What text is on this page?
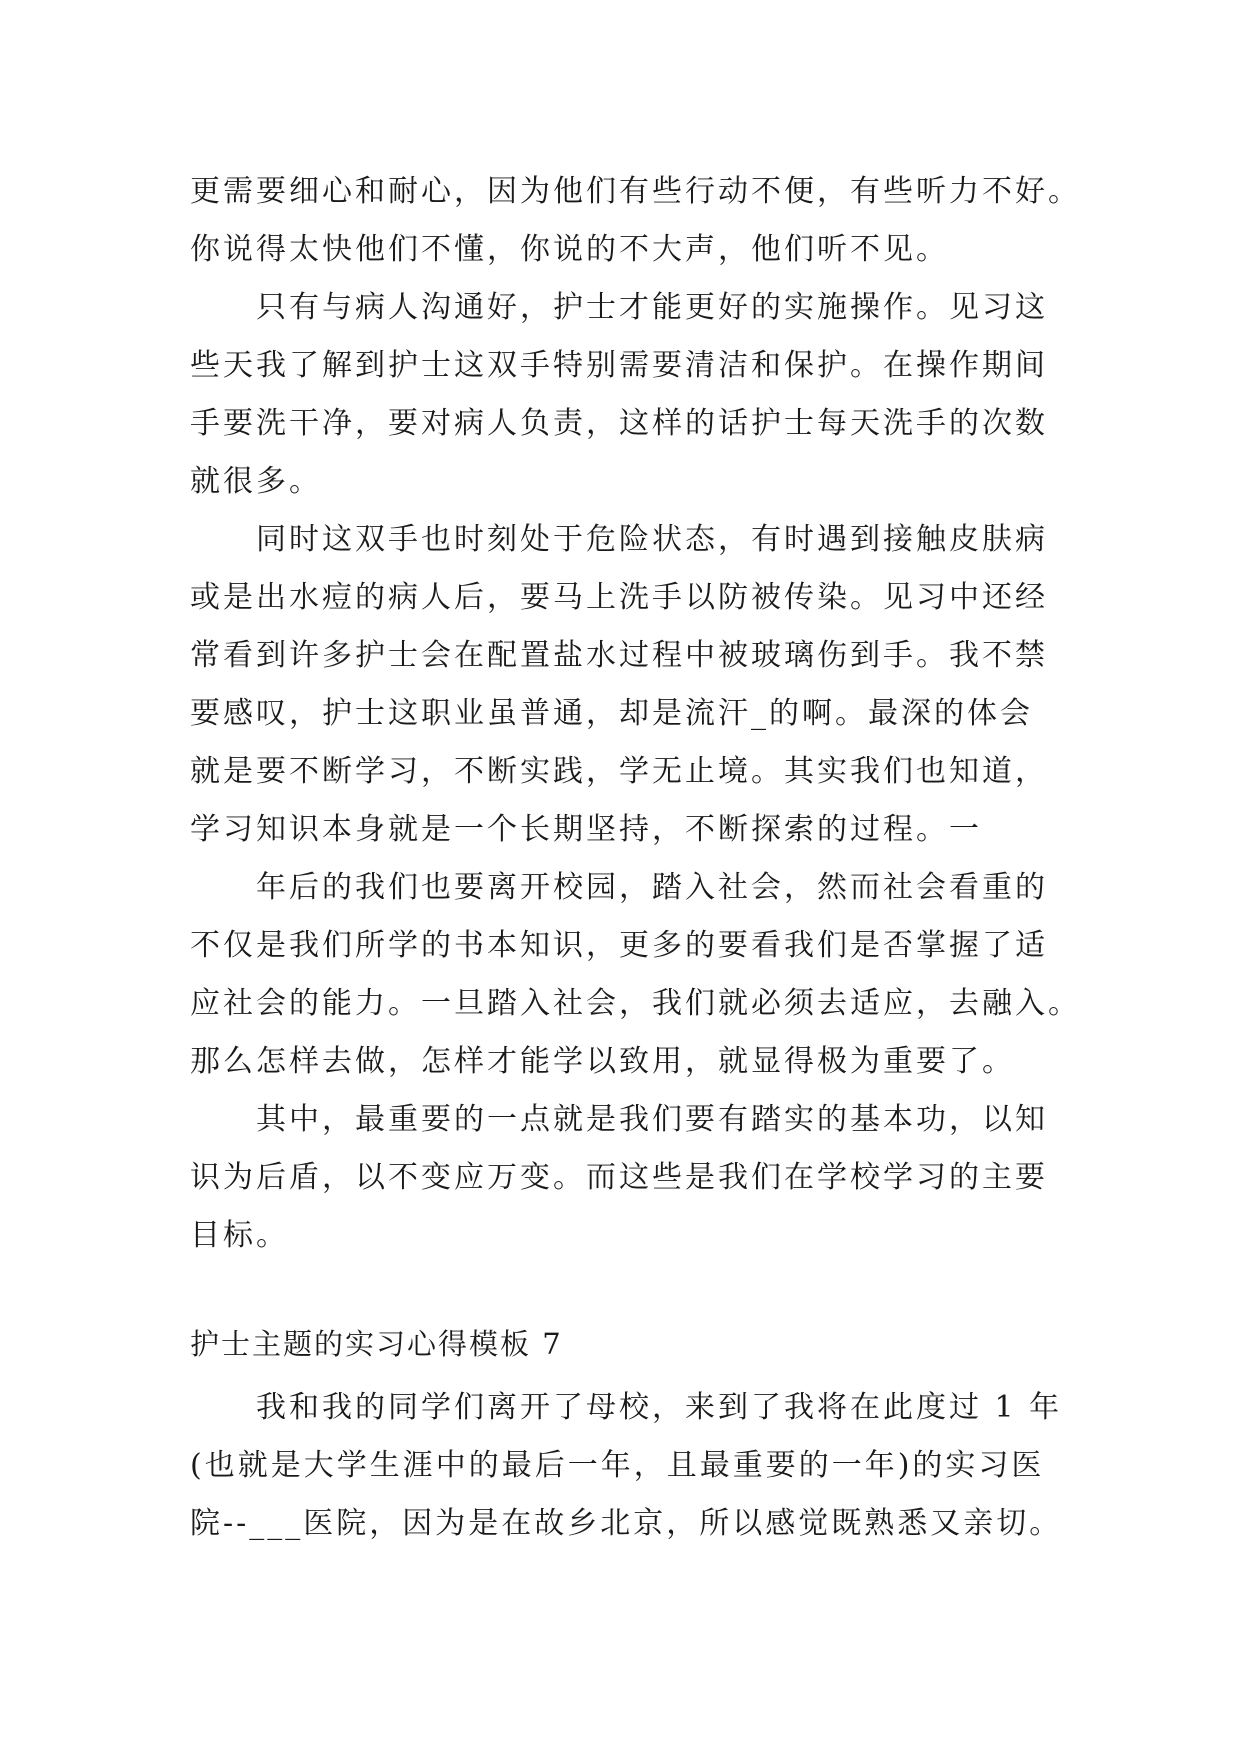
更需要细心和耐心，因为他们有些行动不便，有些听力不好。
你说得太快他们不懂，你说的不大声，他们听不见。
只有与病人沟通好，护士才能更好的实施操作。见习这
些天我了解到护士这双手特别需要清洁和保护。在操作期间
手要洗干净，要对病人负责，这样的话护士每天洗手的次数
就很多。
同时这双手也时刻处于危险状态，有时遇到接触皮肤病
或是出水痘的病人后，要马上洗手以防被传染。见习中还经
常看到许多护士会在配置盐水过程中被玻璃伤到手。我不禁
要感叹，护士这职业虽普通，却是流汗_的啊。最深的体会
就是要不断学习，不断实践，学无止境。其实我们也知道，
学习知识本身就是一个长期坚持，不断探索的过程。一
年后的我们也要离开校园，踏入社会，然而社会看重的
不仅是我们所学的书本知识，更多的要看我们是否掌握了适
应社会的能力。一旦踏入社会，我们就必须去适应，去融入。
那么怎样去做，怎样才能学以致用，就显得极为重要了。
其中，最重要的一点就是我们要有踏实的基本功，以知
识为后盾，以不变应万变。而这些是我们在学校学习的主要
目标。
护士主题的实习心得模板 7
我和我的同学们离开了母校，来到了我将在此度过 1 年
(也就是大学生涯中的最后一年，且最重要的一年)的实习医
院--___医院，因为是在故乡北京，所以感觉既熟悉又亲切。
